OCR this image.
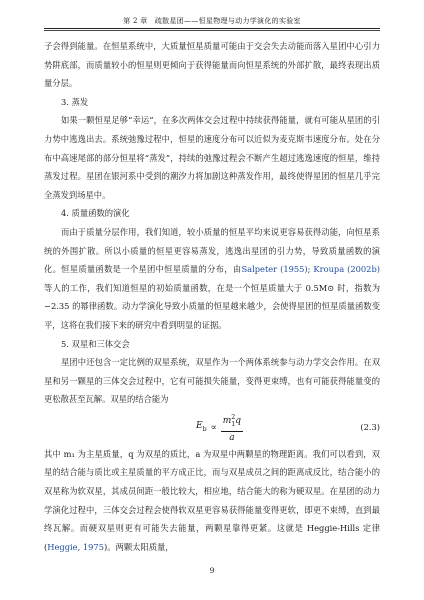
第 2 章　疏散星团——恒星物理与动力学演化的实验室

子会得到能量。在恒星系统中，大质量恒星质量可能由于交会失去动能而落入星团中心引力势阱底部，而质量较小的恒星则更倾向于获得能量而向恒星系统的外部扩散，最终表现出质量分层。

3. 蒸发

如果一颗恒星足够“幸运”，在多次两体交会过程中持续获得能量，就有可能从星团的引力势中逃逸出去。系统弛豫过程中，恒星的速度分布可以近似为麦克斯韦速度分布。处在分布中高速尾部的部分恒星将“蒸发”，持续的弛豫过程会不断产生超过逃逸速度的恒星，维持蒸发过程。星团在银河系中受到的潮汐力将加剧这种蒸发作用，最终使得星团的恒星几乎完全蒸发到场星中。

4. 质量函数的演化

而由于质量分层作用，我们知道，较小质量的恒星平均来说更容易获得动能，向恒星系统的外围扩散。所以小质量的恒星更容易蒸发，逃逸出星团的引力势，导致质量函数的演化。恒星质量函数是一个星团中恒星质量的分布，由Salpeter (1955); Kroupa (2002b) 等人的工作，我们知道恒星的初始质量函数，在是一个恒星质量大于 0.5M⊙ 时，指数为 −2.35 的幂律函数。动力学演化导致小质量的恒星越来越少，会使得星团的恒星质量函数变平，这将在我们接下来的研究中看到明显的证据。

5. 双星和三体交会

星团中还包含一定比例的双星系统，双星作为一个两体系统参与动力学交会作用。在双星和另一颗星的三体交会过程中，它有可能损失能量，变得更束缚，也有可能获得能量变的更松散甚至瓦解。双星的结合能为

$E_b \propto \frac{m^2_1q}{a}$	(2.3)

其中 m₁ 为主星质量，q 为双星的质比，a 为双星中两颗星的物理距离。我们可以看到，双星的结合能与质比或主星质量的平方成正比，而与双星成员之间的距离成反比，结合能小的双星称为软双星，其成员间距一般比较大，相应地，结合能大的称为硬双星。在星团的动力学演化过程中，三体交会过程会使得软双星更容易获得能量变得更软，即更不束缚，直到最终瓦解。而硬双星则更有可能失去能量，两颗星靠得更紧。这就是 Heggie-Hills 定律 (Heggie, 1975)。两颗太阳质量，

9
